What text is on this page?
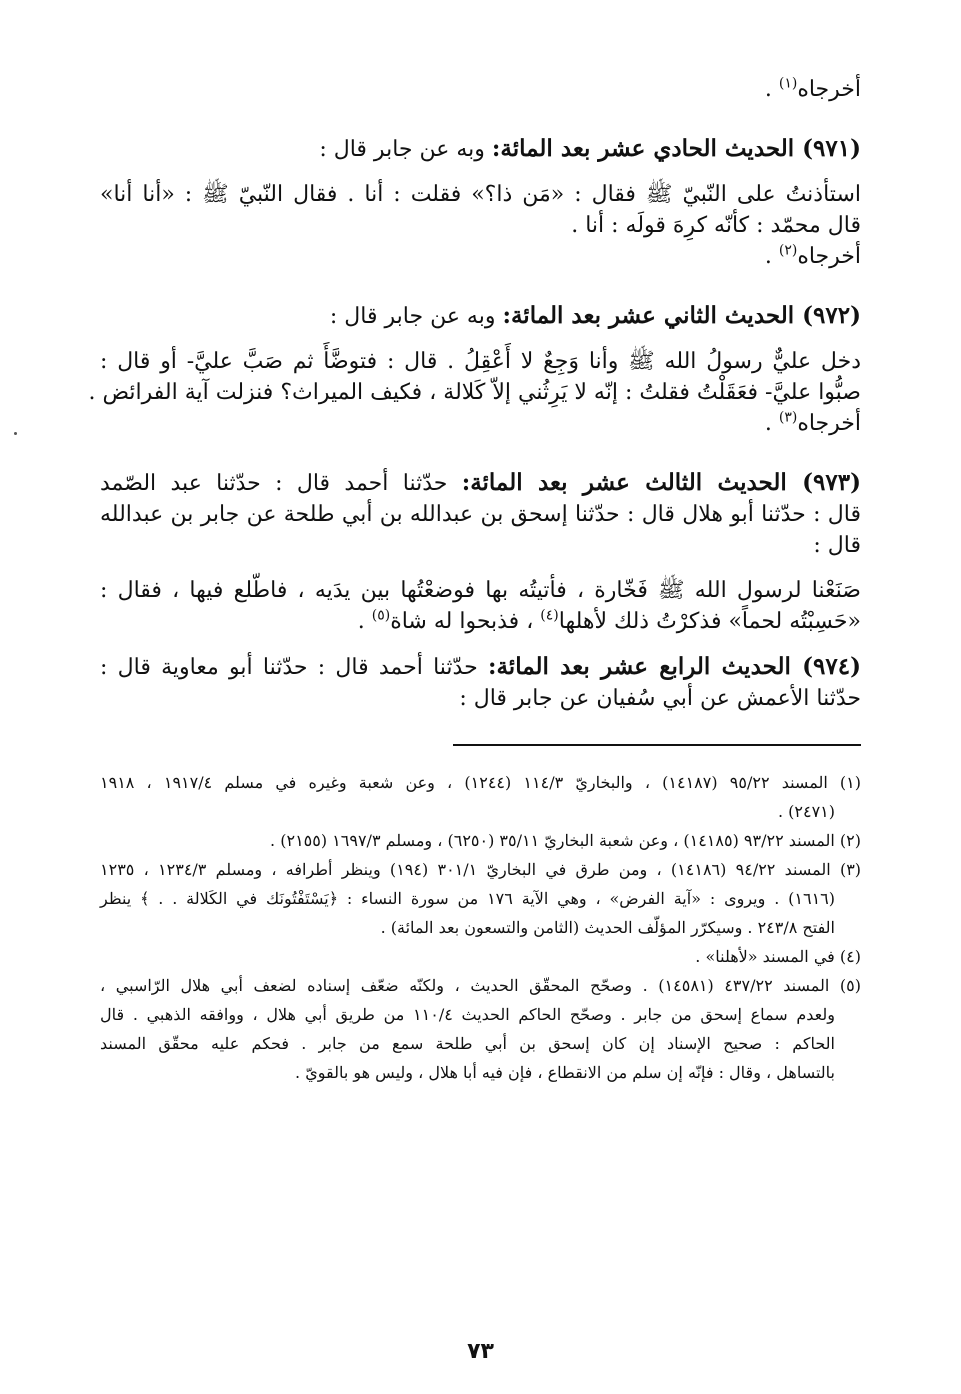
أخرجاه$^{(١)}$ .
(٩٧١) الحديث الحادي عشر بعد المائة: وبه عن جابر قال :
استأذنتُ على النّبيّ ﷺ فقال : «مَن ذا؟» فقلت : أنا . فقال النّبيّ ﷺ : «أنا أنا»
قال محمّد : كأنّه كرِهَ قولَه : أنا .
أخرجاه$^{(٢)}$ .
(٩٧٢) الحديث الثاني عشر بعد المائة: وبه عن جابر قال :
دخل عليٌّ رسولُ الله ﷺ وأنا وَجِعٌ لا أَعْقِلُ . قال : فتوضَّأَ ثم صَبَّ عليَّ- أو قال :
صبُّوا عليَّ- فعَقَلْتُ فقلتُ : إنّه لا يَرِثُني إلاّ كَلالة ، فكيف الميراث؟ فنزلت آية الفرائض .
أخرجاه$^{(٣)}$ .
(٩٧٣) الحديث الثالث عشر بعد المائة: حدّثنا أحمد قال : حدّثنا عبد الصّمد
قال : حدّثنا أبو هلال قال : حدّثنا إسحق بن عبدالله بن أبي طلحة عن جابر بن عبدالله
قال :
صَنَعْنا لرسول الله ﷺ فَخّارة ، فأتيتُه بها فوضعْتُها بين يدَيه ، فاطّلع فيها ، فقال :
«حَسِبْتُه لحماً» فذكرْتُ ذلك لأهلها$^{(٤)}$ ، فذبحوا له شاة$^{(٥)}$ .
(٩٧٤) الحديث الرابع عشر بعد المائة: حدّثنا أحمد قال : حدّثنا أبو معاوية قال :
حدّثنا الأعمش عن أبي سُفيان عن جابر قال :
(١) المسند ٩٥/٢٢ (١٤١٨٧) ، والبخاريّ ١١٤/٣ (١٢٤٤) ، وعن شعبة وغيره في مسلم ١٩١٧/٤ ، ١٩١٨
(٢٤٧١) .
(٢) المسند ٩٣/٢٢ (١٤١٨٥) ، وعن شعبة البخاريّ ٣٥/١١ (٦٢٥٠) ، ومسلم ١٦٩٧/٣ (٢١٥٥) .
(٣) المسند ٩٤/٢٢ (١٤١٨٦) ، ومن طرق في البخاريّ ٣٠١/١ (١٩٤) وينظر أطرافه ، ومسلم ١٢٣٤/٣ ، ١٢٣٥
(١٦١٦) . ويروى : «آية الفرض» ، وهي الآية ١٧٦ من سورة النساء : ﴿يَسْتَفْتُونَك في الكَلالة . . ﴾ ينظر
الفتح ٢٤٣/٨ . وسيكرّر المؤلّف الحديث (الثامن والتسعون بعد المائة) .
(٤) في المسند «لأهلنا» .
(٥) المسند ٤٣٧/٢٢ (١٤٥٨١) . وصحّح المحقّق الحديث ، ولكنّه ضعّف إسناده لضعف أبي هلال الرّاسبي ،
ولعدم سماع إسحق من جابر . وصحّح الحاكم الحديث ١١٠/٤ من طريق أبي هلال ، ووافقه الذهبي . قال
الحاكم : صحيح الإسناد إن كان إسحق بن أبي طلحة سمع من جابر . فحكم عليه محقّق المسند
بالتساهل ، وقال : فإنّه إن سلم من الانقطاع ، فإن فيه أبا هلال ، وليس هو بالقويّ .
٧٣
